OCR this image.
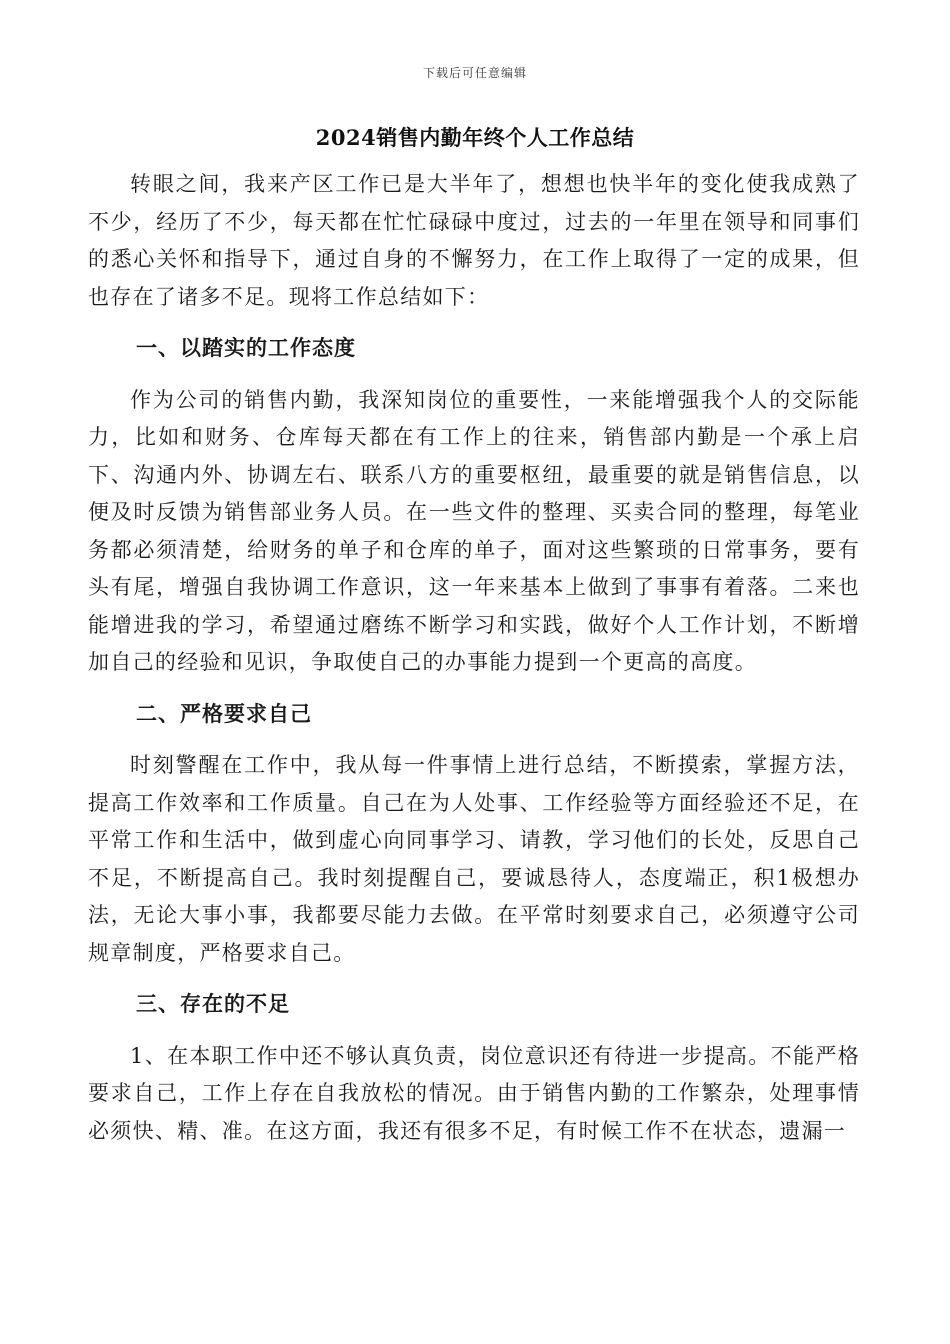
下载后可任意编辑
2024销售内勤年终个人工作总结

转眼之间，我来产区工作已是大半年了，想想也快半年的变化使我成熟了不少，经历了不少，每天都在忙忙碌碌中度过，过去的一年里在领导和同事们的悉心关怀和指导下，通过自身的不懈努力，在工作上取得了一定的成果，但也存在了诸多不足。现将工作总结如下：

一、以踏实的工作态度

作为公司的销售内勤，我深知岗位的重要性，一来能增强我个人的交际能力，比如和财务、仓库每天都在有工作上的往来，销售部内勤是一个承上启下、沟通内外、协调左右、联系八方的重要枢纽，最重要的就是销售信息，以便及时反馈为销售部业务人员。在一些文件的整理、买卖合同的整理，每笔业务都必须清楚，给财务的单子和仓库的单子，面对这些繁琐的日常事务，要有头有尾，增强自我协调工作意识，这一年来基本上做到了事事有着落。二来也能增进我的学习，希望通过磨练不断学习和实践，做好个人工作计划，不断增加自己的经验和见识，争取使自己的办事能力提到一个更高的高度。

二、严格要求自己

时刻警醒在工作中，我从每一件事情上进行总结，不断摸索，掌握方法，提高工作效率和工作质量。自己在为人处事、工作经验等方面经验还不足，在平常工作和生活中，做到虚心向同事学习、请教，学习他们的长处，反思自己不足，不断提高自己。我时刻提醒自己，要诚恳待人，态度端正，积1极想办法，无论大事小事，我都要尽能力去做。在平常时刻要求自己，必须遵守公司规章制度，严格要求自己。

三、存在的不足

1、在本职工作中还不够认真负责，岗位意识还有待进一步提高。不能严格要求自己，工作上存在自我放松的情况。由于销售内勤的工作繁杂，处理事情必须快、精、准。在这方面，我还有很多不足，有时候工作不在状态，遗漏一
